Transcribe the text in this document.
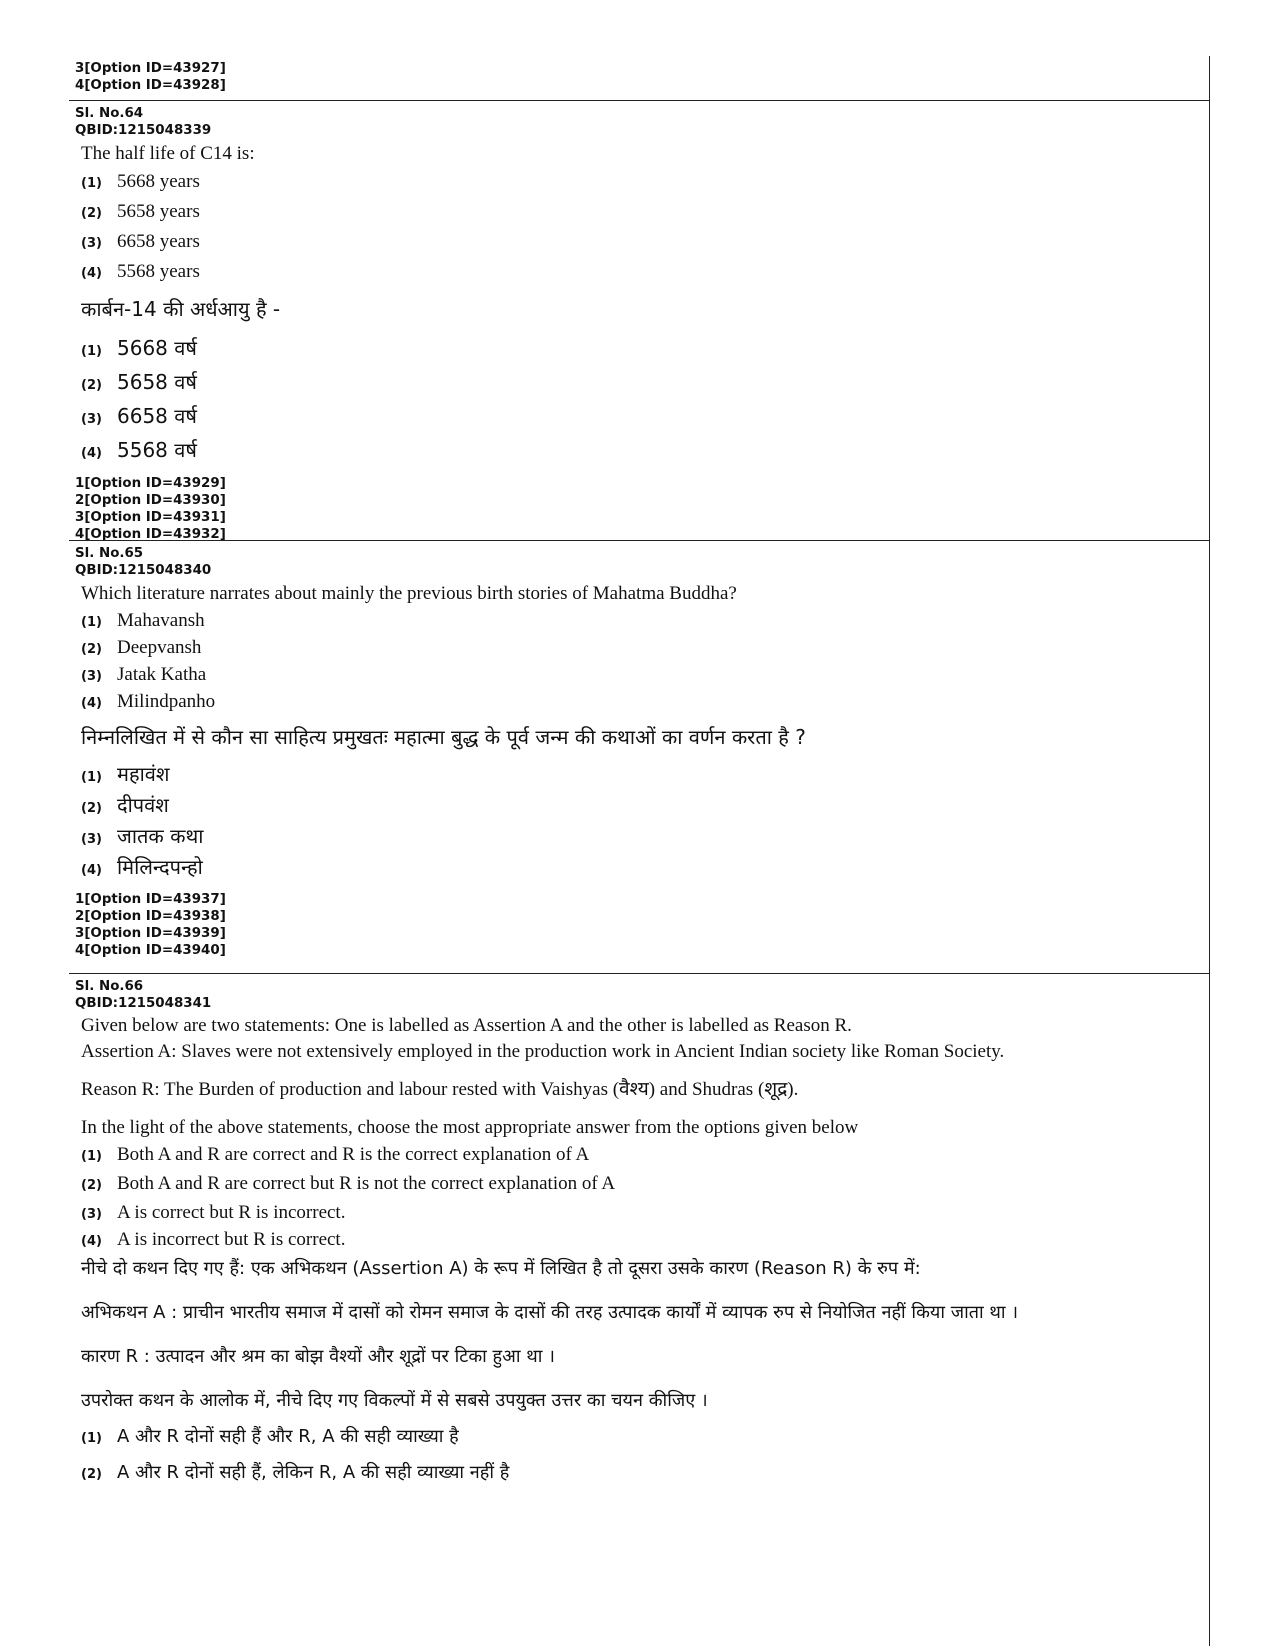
3[Option ID=43927]
4[Option ID=43928]
Sl. No.64
QBID:1215048339
The half life of C14 is:
(1) 5668 years
(2) 5658 years
(3) 6658 years
(4) 5568 years
कार्बन-14 की अर्धआयु है -
(1) 5668 वर्ष
(2) 5658 वर्ष
(3) 6658 वर्ष
(4) 5568 वर्ष
1[Option ID=43929]
2[Option ID=43930]
3[Option ID=43931]
4[Option ID=43932]
Sl. No.65
QBID:1215048340
Which literature narrates about mainly the previous birth stories of Mahatma Buddha?
(1) Mahavansh
(2) Deepvansh
(3) Jatak Katha
(4) Milindpanho
निम्नलिखित में से कौन सा साहित्य प्रमुखतः महात्मा बुद्ध के पूर्व जन्म की कथाओं का वर्णन करता है ?
(1) महावंश
(2) दीपवंश
(3) जातक कथा
(4) मिलिन्दपन्हो
1[Option ID=43937]
2[Option ID=43938]
3[Option ID=43939]
4[Option ID=43940]
Sl. No.66
QBID:1215048341
Given below are two statements: One is labelled as Assertion A and the other is labelled as Reason R.
Assertion A: Slaves were not extensively employed in the production work in Ancient Indian society like Roman Society.
Reason R: The Burden of production and labour rested with Vaishyas (वैश्य) and Shudras (शूद्र).
In the light of the above statements, choose the most appropriate answer from the options given below
(1) Both A and R are correct and R is the correct explanation of A
(2) Both A and R are correct but R is not the correct explanation of A
(3) A is correct but R is incorrect.
(4) A is incorrect but R is correct.
नीचे दो कथन दिए गए हैं: एक अभिकथन (Assertion A) के रूप में लिखित है तो दूसरा उसके कारण (Reason R) के रुप में:
अभिकथन A : प्राचीन भारतीय समाज में दासों को रोमन समाज के दासों की तरह उत्पादक कार्यों में व्यापक रुप से नियोजित नहीं किया जाता था ।
कारण R : उत्पादन और श्रम का बोझ वैश्यों और शूद्रों पर टिका हुआ था ।
उपरोक्त कथन के आलोक में, नीचे दिए गए विकल्पों में से सबसे उपयुक्त उत्तर का चयन कीजिए ।
(1) A और R दोनों सही हैं और R, A की सही व्याख्या है
(2) A और R दोनों सही हैं, लेकिन R, A की सही व्याख्या नहीं है
